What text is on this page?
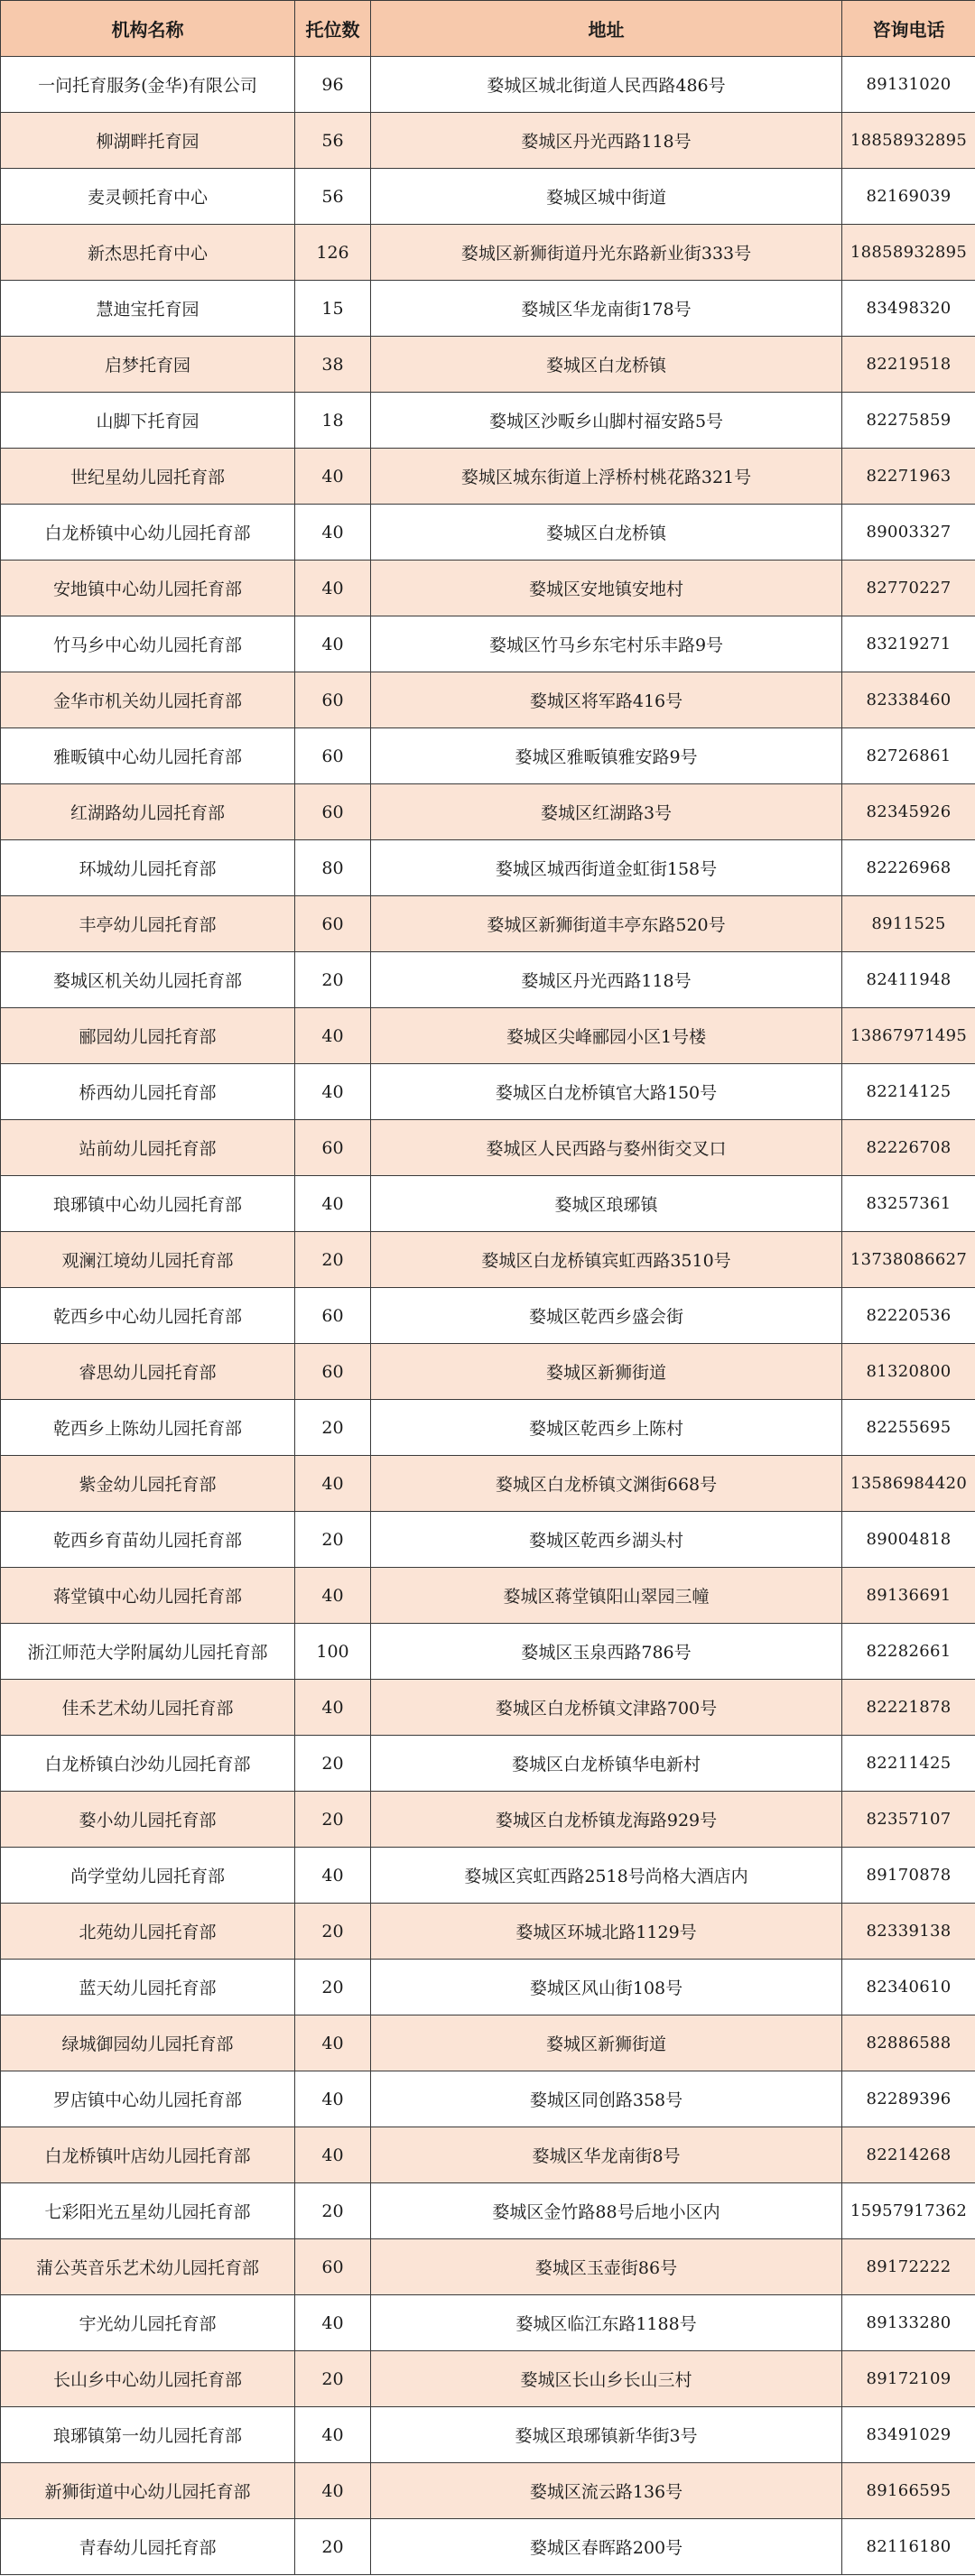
机构名称	托位数	地址	咨询电话
一问托育服务(金华)有限公司	96	婺城区城北街道人民西路486号	89131020
柳湖畔托育园	56	婺城区丹光西路118号	18858932895
麦灵顿托育中心	56	婺城区城中街道	82169039
新杰思托育中心	126	婺城区新狮街道丹光东路新业街333号	18858932895
慧迪宝托育园	15	婺城区华龙南街178号	83498320
启梦托育园	38	婺城区白龙桥镇	82219518
山脚下托育园	18	婺城区沙畈乡山脚村福安路5号	82275859
世纪星幼儿园托育部	40	婺城区城东街道上浮桥村桃花路321号	82271963
白龙桥镇中心幼儿园托育部	40	婺城区白龙桥镇	89003327
安地镇中心幼儿园托育部	40	婺城区安地镇安地村	82770227
竹马乡中心幼儿园托育部	40	婺城区竹马乡东宅村乐丰路9号	83219271
金华市机关幼儿园托育部	60	婺城区将军路416号	82338460
雅畈镇中心幼儿园托育部	60	婺城区雅畈镇雅安路9号	82726861
红湖路幼儿园托育部	60	婺城区红湖路3号	82345926
环城幼儿园托育部	80	婺城区城西街道金虹街158号	82226968
丰亭幼儿园托育部	60	婺城区新狮街道丰亭东路520号	8911525
婺城区机关幼儿园托育部	20	婺城区丹光西路118号	82411948
郦园幼儿园托育部	40	婺城区尖峰郦园小区1号楼	13867971495
桥西幼儿园托育部	40	婺城区白龙桥镇官大路150号	82214125
站前幼儿园托育部	60	婺城区人民西路与婺州街交叉口	82226708
琅琊镇中心幼儿园托育部	40	婺城区琅琊镇	83257361
观澜江境幼儿园托育部	20	婺城区白龙桥镇宾虹西路3510号	13738086627
乾西乡中心幼儿园托育部	60	婺城区乾西乡盛会街	82220536
睿思幼儿园托育部	60	婺城区新狮街道	81320800
乾西乡上陈幼儿园托育部	20	婺城区乾西乡上陈村	82255695
紫金幼儿园托育部	40	婺城区白龙桥镇文渊街668号	13586984420
乾西乡育苗幼儿园托育部	20	婺城区乾西乡湖头村	89004818
蒋堂镇中心幼儿园托育部	40	婺城区蒋堂镇阳山翠园三幢	89136691
浙江师范大学附属幼儿园托育部	100	婺城区玉泉西路786号	82282661
佳禾艺术幼儿园托育部	40	婺城区白龙桥镇文津路700号	82221878
白龙桥镇白沙幼儿园托育部	20	婺城区白龙桥镇华电新村	82211425
婺小幼儿园托育部	20	婺城区白龙桥镇龙海路929号	82357107
尚学堂幼儿园托育部	40	婺城区宾虹西路2518号尚格大酒店内	89170878
北苑幼儿园托育部	20	婺城区环城北路1129号	82339138
蓝天幼儿园托育部	20	婺城区风山街108号	82340610
绿城御园幼儿园托育部	40	婺城区新狮街道	82886588
罗店镇中心幼儿园托育部	40	婺城区同创路358号	82289396
白龙桥镇叶店幼儿园托育部	40	婺城区华龙南街8号	82214268
七彩阳光五星幼儿园托育部	20	婺城区金竹路88号后地小区内	15957917362
蒲公英音乐艺术幼儿园托育部	60	婺城区玉壶街86号	89172222
宇光幼儿园托育部	40	婺城区临江东路1188号	89133280
长山乡中心幼儿园托育部	20	婺城区长山乡长山三村	89172109
琅琊镇第一幼儿园托育部	40	婺城区琅琊镇新华街3号	83491029
新狮街道中心幼儿园托育部	40	婺城区流云路136号	89166595
青春幼儿园托育部	20	婺城区春晖路200号	82116180
